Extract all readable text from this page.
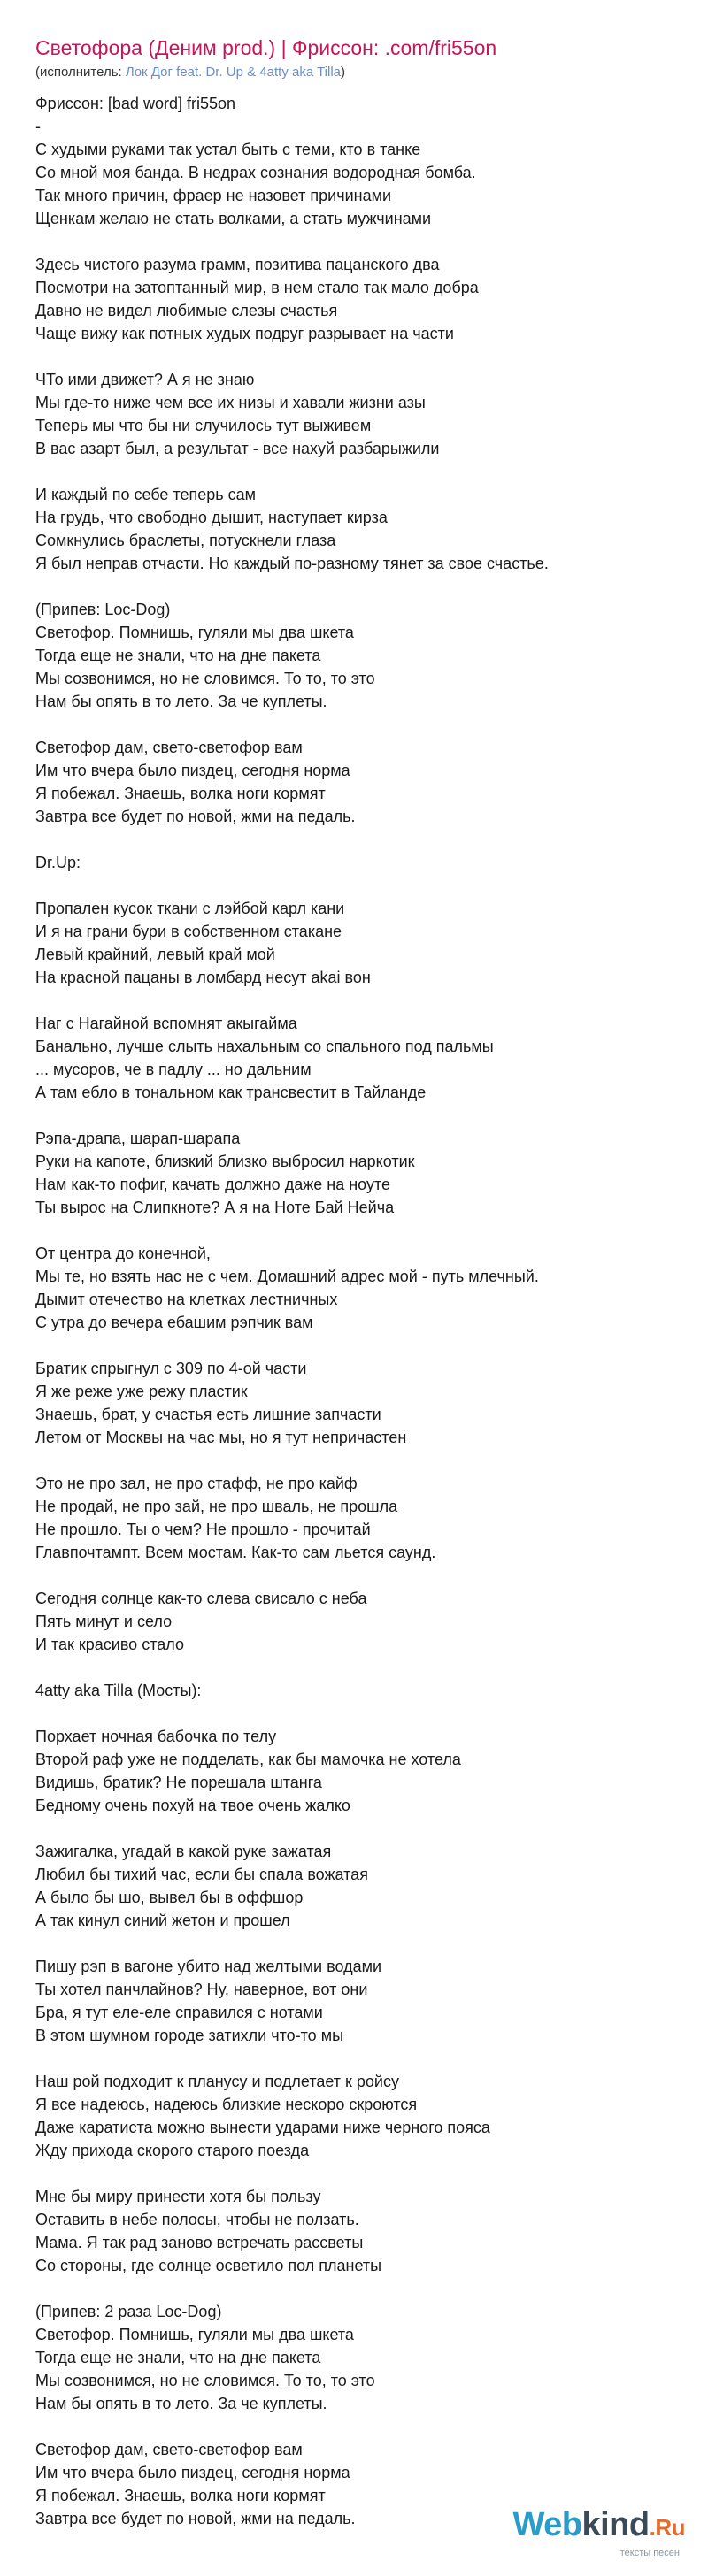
Светофора (Деним prod.) | Фриссон: .com/fri55on
(исполнитель: Лок Дог feat. Dr. Up & 4atty aka Tilla)
Фриссон: [bad word] fri55on
-
С худыми руками так устал быть с теми, кто в танке
Со мной моя банда. В недрах сознания водородная бомба.
Так много причин, фраер не назовет причинами
Щенкам желаю не стать волками, а стать мужчинами
Здесь чистого разума грамм, позитива пацанского два
Посмотри на затоптанный мир, в нем стало так мало добра
Давно не видел любимые слезы счастья
Чаще вижу как потных худых подруг разрывает на части
ЧТо ими движет? А я не знаю
Мы где-то ниже чем все их низы и хавали жизни азы
Теперь мы что бы ни случилось тут выживем
В вас азарт был, а результат - все нахуй разбарыжили
И каждый по себе теперь сам
На грудь, что свободно дышит, наступает кирза
Сомкнулись браслеты, потускнели глаза
Я был неправ отчасти. Но каждый по-разному тянет за свое счастье.
(Припев: Loc-Dog)
Светофор. Помнишь, гуляли мы два шкета
Тогда еще не знали, что на дне пакета
Мы созвонимся, но не словимся. То то, то это
Нам бы опять в то лето. За че куплеты.
Светофор дам, свето-светофор вам
Им что вчера было пиздец, сегодня норма
Я побежал. Знаешь, волка ноги кормят
Завтра все будет по новой, жми на педаль.
Dr.Up:
Пропален кусок ткани с лэйбой карл кани
И я на грани бури в собственном стакане
Левый крайний, левый край мой
На красной пацаны в ломбард несут akai вон
Наг с Нагайной вспомнят акыгайма
Банально, лучше слыть нахальным со спального под пальмы
... мусоров, че в падлу ... но дальним
А там ебло в тональном как трансвестит в Тайланде
Рэпа-драпа, шарап-шарапа
Руки на капоте, близкий близко выбросил наркотик
Нам как-то пофиг, качать должно даже на ноуте
Ты вырос на Слипкноте? А я на Ноте Бай Нейча
От центра до конечной,
Мы те, но взять нас не с чем. Домашний адрес мой - путь млечный.
Дымит отечество на клетках лестничных
С утра до вечера ебашим рэпчик вам
Братик спрыгнул с 309 по 4-ой части
Я же реже уже режу пластик
Знаешь, брат, у счастья есть лишние запчасти
Летом от Москвы на час мы, но я тут непричастен
Это не про зал, не про стафф, не про кайф
Не продай, не про зай, не про шваль, не прошла
Не прошло. Ты о чем? Не прошло - прочитай
Главпочтампт. Всем мостам. Как-то сам льется саунд.
Сегодня солнце как-то слева свисало с неба
Пять минут и село
И так красиво стало
4atty aka Tilla (Мосты):
Порхает ночная бабочка по телу
Второй раф уже не подделать, как бы мамочка не хотела
Видишь, братик? Не порешала штанга
Бедному очень похуй на твое очень жалко
Зажигалка, угадай в какой руке зажатая
Любил бы тихий час, если бы спала вожатая
А было бы шо, вывел бы в оффшор
А так кинул синий жетон и прошел
Пишу рэп в вагоне убито над желтыми водами
Ты хотел панчлайнов? Ну, наверное, вот они
Бра, я тут еле-еле справился с нотами
В этом шумном городе затихли что-то мы
Наш рой подходит к планусу и подлетает к ройсу
Я все надеюсь, надеюсь близкие нескоро скроются
Даже каратиста можно вынести ударами ниже черного пояса
Жду прихода скорого старого поезда
Мне бы миру принести хотя бы пользу
Оставить в небе полосы, чтобы не ползать.
Мама. Я так рад заново встречать рассветы
Со стороны, где солнце осветило пол планеты
(Припев: 2 раза Loc-Dog)
Светофор. Помнишь, гуляли мы два шкета
Тогда еще не знали, что на дне пакета
Мы созвонимся, но не словимся. То то, то это
Нам бы опять в то лето. За че куплеты.
Светофор дам, свето-светофор вам
Им что вчера было пиздец, сегодня норма
Я побежал. Знаешь, волка ноги кормят
Завтра все будет по новой, жми на педаль.	Webkind.Ru
тексты песен
